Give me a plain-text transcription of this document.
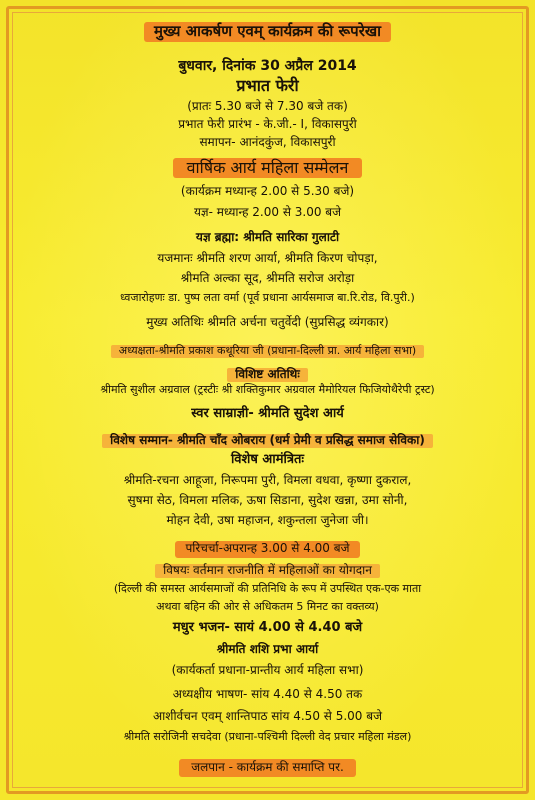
मुख्य आकर्षण एवम् कार्यक्रम की रूपरेखा
बुधवार, दिनांक 30 अप्रैल 2014
प्रभात फेरी
(प्रातः 5.30 बजे से 7.30 बजे तक)
प्रभात फेरी प्रारंभ - के.जी.- I, विकासपुरी
समापन- आनंदकुंज, विकासपुरी
वार्षिक आर्य महिला सम्मेलन
(कार्यक्रम मध्यान्ह 2.00 से 5.30 बजे)
यज्ञ- मध्यान्ह 2.00 से 3.00 बजे
यज्ञ ब्रह्मा: श्रीमति सारिका गुलाटी
यजमानः श्रीमति शरण आर्या, श्रीमति किरण चोपड़ा,
श्रीमति अल्का सूद, श्रीमति सरोज अरोड़ा
ध्वजारोहणः डा. पुष्प लता वर्मा (पूर्व प्रधाना आर्यसमाज बा.रि.रोड, वि.पुरी.)
मुख्य अतिथिः श्रीमति अर्चना चतुर्वेदी (सुप्रसिद्ध व्यंगकार)
अध्यक्षता-श्रीमति प्रकाश कथूरिया जी (प्रधाना-दिल्ली प्रा. आर्य महिला सभा)
विशिष्ट अतिथिः
श्रीमति सुशील अग्रवाल (ट्रस्टीः श्री शक्तिकुमार अग्रवाल मैमोरियल फिजियोथैरेपी ट्रस्ट)
स्वर साम्राज्ञी- श्रीमति सुदेश आर्य
विशेष सम्मान- श्रीमति चाँद ओबराय (धर्म प्रेमी व प्रसिद्ध समाज सेविका)
विशेष आमंत्रितः
श्रीमति-रचना आहूजा, निरूपमा पुरी, विमला वधवा, कृष्णा दुकराल,
सुषमा सेठ, विमला मलिक, ऊषा सिडाना, सुदेश खन्ना, उमा सोनी,
मोहन देवी, उषा महाजन, शकुन्तला जुनेजा जी।
परिचर्चा-अपरान्ह 3.00 से 4.00 बजे
विषयः वर्तमान राजनीति में महिलाओं का योगदान
(दिल्ली की समस्त आर्यसमाजों की प्रतिनिधि के रूप में उपस्थित एक-एक माता
अथवा बहिन की ओर से अधिकतम 5 मिनट का वक्तव्य)
मधुर भजन- सायं 4.00 से 4.40 बजे
श्रीमति शशि प्रभा आर्या
(कार्यकर्ता प्रधाना-प्रान्तीय आर्य महिला सभा)
अध्यक्षीय भाषण- सांय 4.40 से 4.50 तक
आशीर्वचन एवम् शान्तिपाठ सांय 4.50 से 5.00 बजे
श्रीमति सरोजिनी सचदेवा (प्रधाना-पश्चिमी दिल्ली वेद प्रचार महिला मंडल)
जलपान - कार्यक्रम की समाप्ति पर.
